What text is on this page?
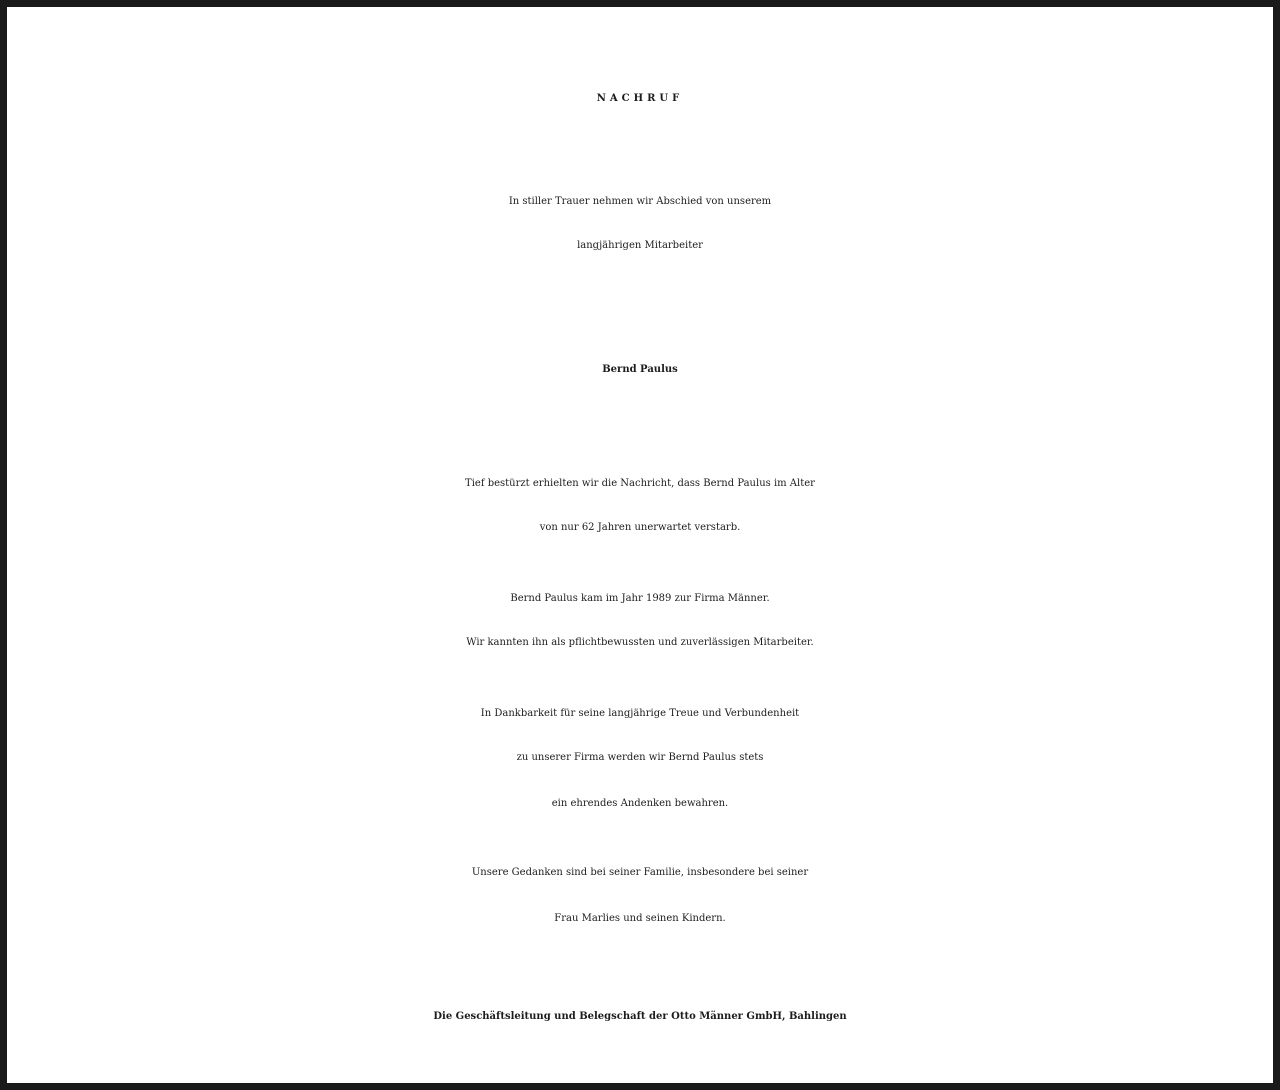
NACHRUF
In stiller Trauer nehmen wir Abschied von unserem
langjährigen Mitarbeiter
Bernd Paulus
Tief bestürzt erhielten wir die Nachricht, dass Bernd Paulus im Alter
von nur 62 Jahren unerwartet verstarb.
Bernd Paulus kam im Jahr 1989 zur Firma Männer.
Wir kannten ihn als pflichtbewussten und zuverlässigen Mitarbeiter.
In Dankbarkeit für seine langjährige Treue und Verbundenheit
zu unserer Firma werden wir Bernd Paulus stets
ein ehrendes Andenken bewahren.
Unsere Gedanken sind bei seiner Familie, insbesondere bei seiner
Frau Marlies und seinen Kindern.
Die Geschäftsleitung und Belegschaft der Otto Männer GmbH, Bahlingen
